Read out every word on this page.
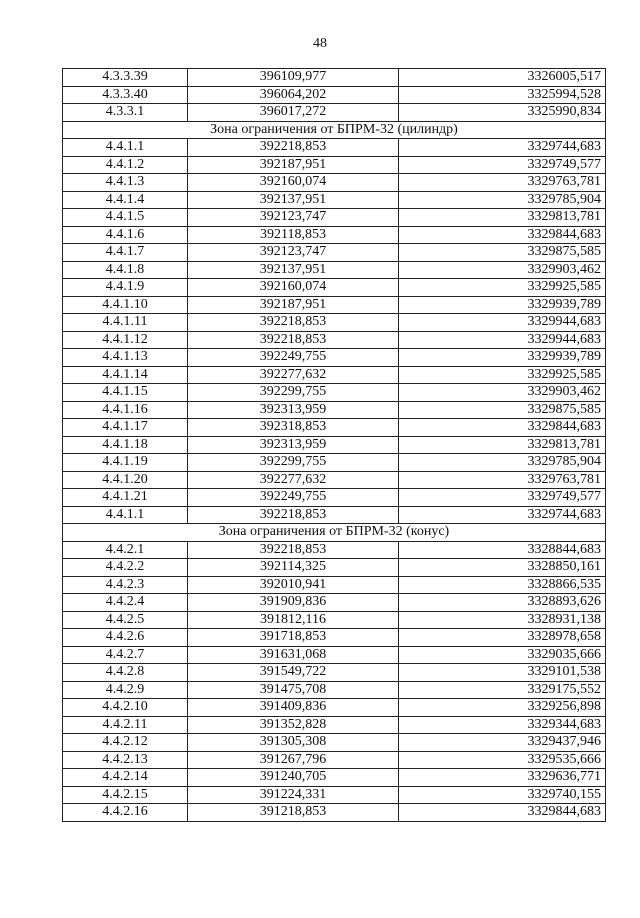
48
4.3.3.39	396109,977	3326005,517
4.3.3.40	396064,202	3325994,528
4.3.3.1	396017,272	3325990,834
Зона ограничения от БПРМ-32 (цилиндр)		
4.4.1.1	392218,853	3329744,683
4.4.1.2	392187,951	3329749,577
4.4.1.3	392160,074	3329763,781
4.4.1.4	392137,951	3329785,904
4.4.1.5	392123,747	3329813,781
4.4.1.6	392118,853	3329844,683
4.4.1.7	392123,747	3329875,585
4.4.1.8	392137,951	3329903,462
4.4.1.9	392160,074	3329925,585
4.4.1.10	392187,951	3329939,789
4.4.1.11	392218,853	3329944,683
4.4.1.12	392218,853	3329944,683
4.4.1.13	392249,755	3329939,789
4.4.1.14	392277,632	3329925,585
4.4.1.15	392299,755	3329903,462
4.4.1.16	392313,959	3329875,585
4.4.1.17	392318,853	3329844,683
4.4.1.18	392313,959	3329813,781
4.4.1.19	392299,755	3329785,904
4.4.1.20	392277,632	3329763,781
4.4.1.21	392249,755	3329749,577
4.4.1.1	392218,853	3329744,683
Зона ограничения от БПРМ-32 (конус)		
4.4.2.1	392218,853	3328844,683
4.4.2.2	392114,325	3328850,161
4.4.2.3	392010,941	3328866,535
4.4.2.4	391909,836	3328893,626
4.4.2.5	391812,116	3328931,138
4.4.2.6	391718,853	3328978,658
4.4.2.7	391631,068	3329035,666
4.4.2.8	391549,722	3329101,538
4.4.2.9	391475,708	3329175,552
4.4.2.10	391409,836	3329256,898
4.4.2.11	391352,828	3329344,683
4.4.2.12	391305,308	3329437,946
4.4.2.13	391267,796	3329535,666
4.4.2.14	391240,705	3329636,771
4.4.2.15	391224,331	3329740,155
4.4.2.16	391218,853	3329844,683
